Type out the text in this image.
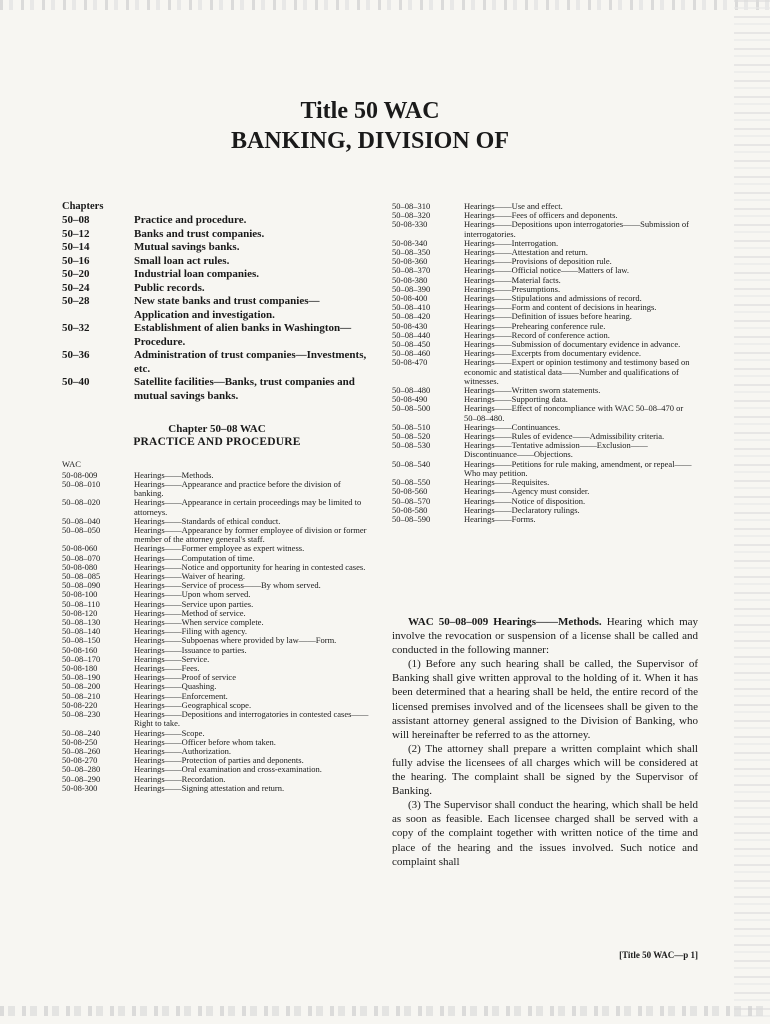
Title 50 WAC
BANKING, DIVISION OF
Chapters
50–08	Practice and procedure.
50–12	Banks and trust companies.
50–14	Mutual savings banks.
50–16	Small loan act rules.
50–20	Industrial loan companies.
50–24	Public records.
50–28	New state banks and trust companies— Application and investigation.
50–32	Establishment of alien banks in Washington—Procedure.
50–36	Administration of trust companies—Investments, etc.
50–40	Satellite facilities—Banks, trust companies and mutual savings banks.
Chapter 50–08 WAC
PRACTICE AND PROCEDURE
WAC
50-08-009	Hearings——Methods.
50–08–010	Hearings——Appearance and practice before the division of banking.
50–08–020	Hearings——Appearance in certain proceedings may be limited to attorneys.
50–08–040	Hearings——Standards of ethical conduct.
50–08–050	Hearings——Appearance by former employee of division or former member of the attorney general's staff.
50-08-060	Hearings——Former employee as expert witness.
50–08–070	Hearings——Computation of time.
50-08-080	Hearings——Notice and opportunity for hearing in contested cases.
50–08–085	Hearings——Waiver of hearing.
50–08–090	Hearings——Service of process——By whom served.
50-08-100	Hearings——Upon whom served.
50–08–110	Hearings——Service upon parties.
50-08-120	Hearings——Method of service.
50–08–130	Hearings——When service complete.
50–08–140	Hearings——Filing with agency.
50–08–150	Hearings——Subpoenas where provided by law——Form.
50-08-160	Hearings——Issuance to parties.
50–08–170	Hearings——Service.
50-08-180	Hearings——Fees.
50–08–190	Hearings——Proof of service
50–08–200	Hearings——Quashing.
50–08–210	Hearings——Enforcement.
50-08-220	Hearings——Geographical scope.
50–08–230	Hearings——Depositions and interrogatories in contested cases——Right to take.
50–08–240	Hearings——Scope.
50-08-250	Hearings——Officer before whom taken.
50–08–260	Hearings——Authorization.
50-08-270	Hearings——Protection of parties and deponents.
50–08–280	Hearings——Oral examination and cross-examination.
50–08–290	Hearings——Recordation.
50-08-300	Hearings——Signing attestation and return.
50–08–310	Hearings——Use and effect.
50–08–320	Hearings——Fees of officers and deponents.
50-08-330	Hearings——Depositions upon interrogatories——Submission of interrogatories.
50-08-340	Hearings——Interrogation.
50–08–350	Hearings——Attestation and return.
50-08-360	Hearings——Provisions of deposition rule.
50–08–370	Hearings——Official notice——Matters of law.
50-08-380	Hearings——Material facts.
50–08–390	Hearings——Presumptions.
50-08-400	Hearings——Stipulations and admissions of record.
50–08–410	Hearings——Form and content of decisions in hearings.
50–08–420	Hearings——Definition of issues before hearing.
50-08-430	Hearings——Prehearing conference rule.
50–08–440	Hearings——Record of conference action.
50–08–450	Hearings——Submission of documentary evidence in advance.
50–08–460	Hearings——Excerpts from documentary evidence.
50-08-470	Hearings——Expert or opinion testimony and testimony based on economic and statistical data——Number and qualifications of witnesses.
50–08–480	Hearings——Written sworn statements.
50-08-490	Hearings——Supporting data.
50–08–500	Hearings——Effect of noncompliance with WAC 50–08–470 or 50–08–480.
50–08–510	Hearings——Continuances.
50–08–520	Hearings——Rules of evidence——Admissibility criteria.
50–08–530	Hearings——Tentative admission——Exclusion——Discontinuance——Objections.
50–08–540	Hearings——Petitions for rule making, amendment, or repeal——Who may petition.
50–08–550	Hearings——Requisites.
50-08-560	Hearings——Agency must consider.
50–08–570	Hearings——Notice of disposition.
50-08-580	Hearings——Declaratory rulings.
50–08–590	Hearings——Forms.

WAC 50–08–009 Hearings——Methods. Hearing which may involve the revocation or suspension of a license shall be called and conducted in the following manner:

(1) Before any such hearing shall be called, the Supervisor of Banking shall give written approval to the holding of it. When it has been determined that a hearing shall be held, the entire record of the licensed premises involved and of the licensees shall be given to the assistant attorney general assigned to the Division of Banking, who will hereinafter be referred to as the attorney.

(2) The attorney shall prepare a written complaint which shall fully advise the licensees of all charges which will be considered at the hearing. The complaint shall be signed by the Supervisor of Banking.

(3) The Supervisor shall conduct the hearing, which shall be held as soon as feasible. Each licensee charged shall be served with a copy of the complaint together with written notice of the time and place of the hearing and the issues involved. Such notice and complaint shall

[Title 50 WAC—p 1]
